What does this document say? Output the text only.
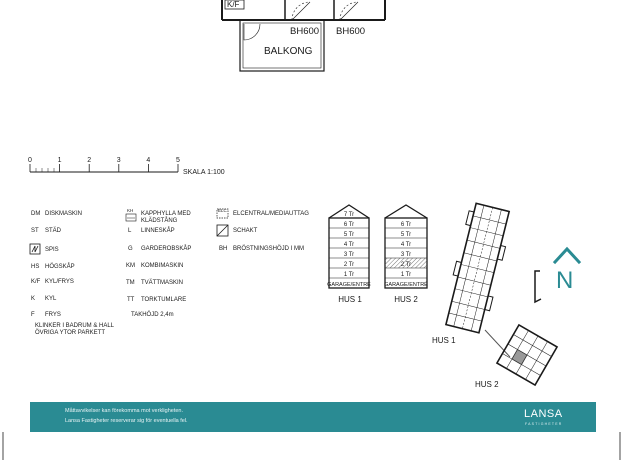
K/F
BH600 BH600
BALKONG
0	1	2	3	4	5
SKALA 1:100
7 Tr
6 Tr
5 Tr
4 Tr
3 Tr
2 Tr
1 Tr
GARAGE/ENTRÉ
6 Tr
5 Tr
4 Tr
3 Tr
2 Tr
1 Tr
GARAGE/ENTRÉ
HUS 1	HUS 2
HUS 1
HUS 2
N
DM DISKMASKIN
ST STÄD
SPIS
HS HÖGSKÅP
K/F KYL/FRYS
K KYL
F FRYS
KH
KAPPHYLLA MED KLÄDSTÅNG
L LINNESKÅP
G GARDEROBSKÅP
KM KOMBIMASKIN
TM TVÄTTMASKIN
TT TORKTUMLARE
TAKHÖJD 2,4m
ELC
ELCENTRAL/MEDIAUTTAG
SCHAKT
BH BRÖSTNINGSHÖJD I MM
KLINKER I BADRUM & HALL
ÖVRIGA YTOR PARKETT
Måttavvikelser kan förekomma mot verkligheten.
Lansa Fastigheter reserverar sig för eventuella fel.
LANSA
FASTIGHETER
